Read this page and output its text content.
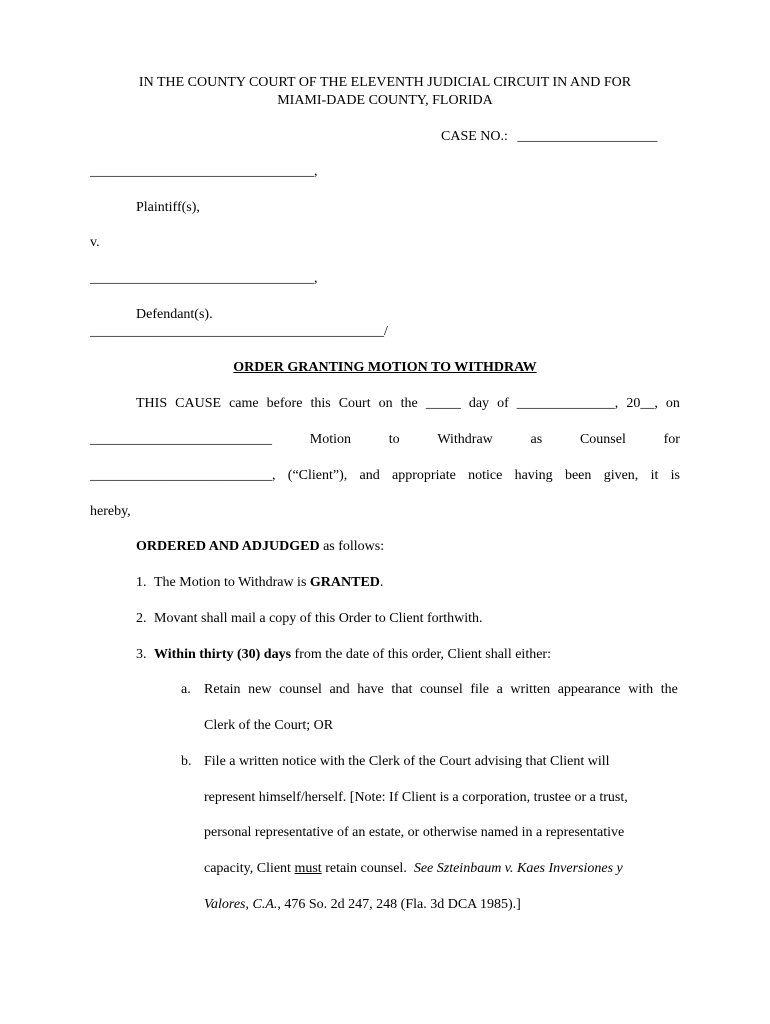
IN THE COUNTY COURT OF THE ELEVENTH JUDICIAL CIRCUIT IN AND FOR
MIAMI-DADE COUNTY, FLORIDA
CASE NO.: ____________________
________________________________,
Plaintiff(s),
v.
________________________________,
Defendant(s).
__________________________________________/
ORDER GRANTING MOTION TO WITHDRAW
THIS CAUSE came before this Court on the _____ day of ______________, 20__, on
__________________________	Motion	to	Withdraw	as	Counsel	for
__________________________, (“Client”), and appropriate notice having been given, it is
hereby,
ORDERED AND ADJUDGED as follows:
1. The Motion to Withdraw is GRANTED.
2. Movant shall mail a copy of this Order to Client forthwith.
3. Within thirty (30) days from the date of this order, Client shall either:
a. Retain new counsel and have that counsel file a written appearance with the
Clerk of the Court; OR
b. File a written notice with the Clerk of the Court advising that Client will
represent himself/herself. [Note: If Client is a corporation, trustee or a trust,
personal representative of an estate, or otherwise named in a representative
capacity, Client must retain counsel.  See Szteinbaum v. Kaes Inversiones y
Valores, C.A., 476 So. 2d 247, 248 (Fla. 3d DCA 1985).]
